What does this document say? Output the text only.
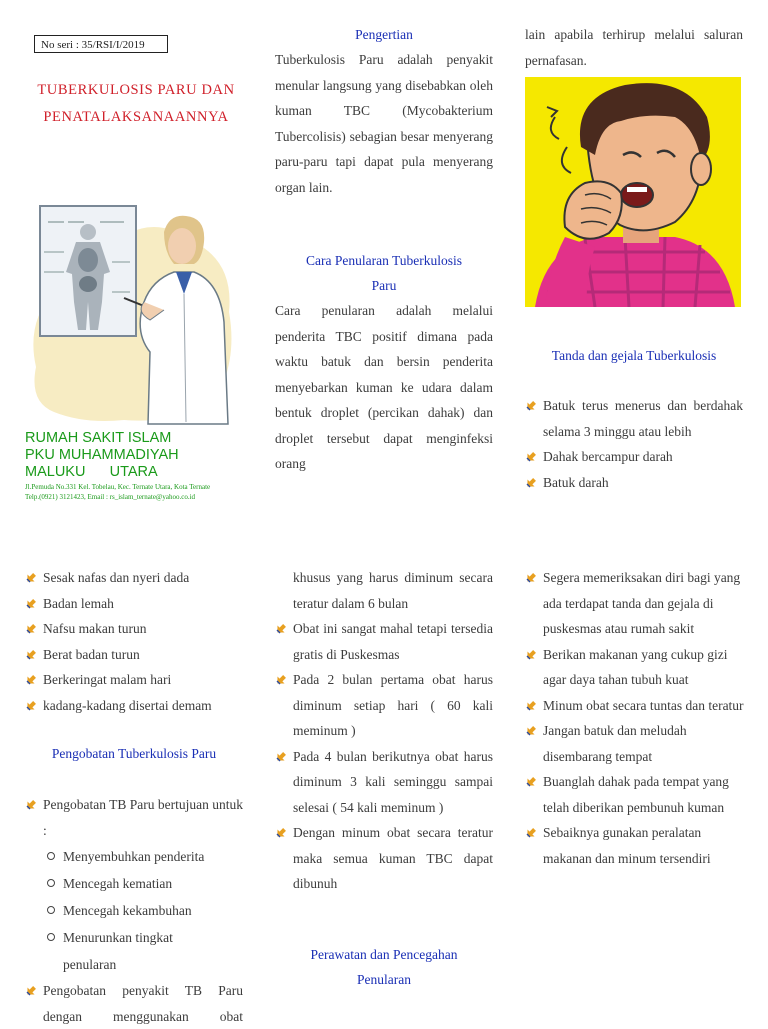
No seri : 35/RSI/I/2019
TUBERKULOSIS PARU DAN
PENATALAKSANAANNYA
RUMAH SAKIT ISLAM
PKU MUHAMMADIYAH
MALUKU      UTARA
Jl.Pemuda No.331 Kel. Tobelau, Kec. Ternate Utara, Kota Ternate
Telp.(0921) 3121423, Email : rs_islam_ternate@yahoo.co.id
Pengertian
Tuberkulosis Paru adalah penyakit menular langsung yang disebabkan oleh kuman TBC (Mycobakterium Tubercolisis) sebagian besar menyerang paru-paru tapi dapat pula menyerang organ lain.
Cara Penularan Tuberkulosis
Paru
Cara penularan adalah melalui penderita TBC positif dimana pada waktu batuk dan bersin penderita menyebarkan kuman ke udara dalam bentuk droplet (percikan dahak) dan droplet tersebut dapat menginfeksi orang
lain apabila terhirup melalui saluran pernafasan.
Tanda dan gejala Tuberkulosis
Batuk terus menerus dan berdahak selama 3 minggu atau lebih
Dahak bercampur darah
Batuk darah
Sesak nafas dan nyeri dada
Badan lemah
Nafsu makan turun
Berat badan turun
Berkeringat malam hari
kadang-kadang disertai demam
Pengobatan Tuberkulosis Paru
Pengobatan TB Paru bertujuan untuk :
Menyembuhkan penderita
Mencegah kematian
Mencegah kekambuhan
Menurunkan tingkat penularan
Pengobatan penyakit TB Paru dengan menggunakan obat
khusus yang harus diminum secara teratur dalam 6 bulan
Obat ini sangat mahal tetapi tersedia gratis di Puskesmas
Pada 2 bulan pertama obat harus diminum setiap hari ( 60 kali meminum )
Pada 4 bulan berikutnya obat harus diminum 3 kali seminggu sampai selesai ( 54 kali meminum )
Dengan minum obat secara teratur maka semua kuman TBC dapat dibunuh
Perawatan dan Pencegahan
Penularan
Segera memeriksakan diri bagi yang ada terdapat tanda dan gejala di puskesmas atau rumah sakit
Berikan makanan yang cukup gizi agar daya tahan tubuh kuat
Minum obat secara tuntas dan teratur
Jangan batuk dan meludah disembarang tempat
Buanglah dahak pada tempat yang telah diberikan pembunuh kuman
Sebaiknya gunakan peralatan makanan dan minum tersendiri
